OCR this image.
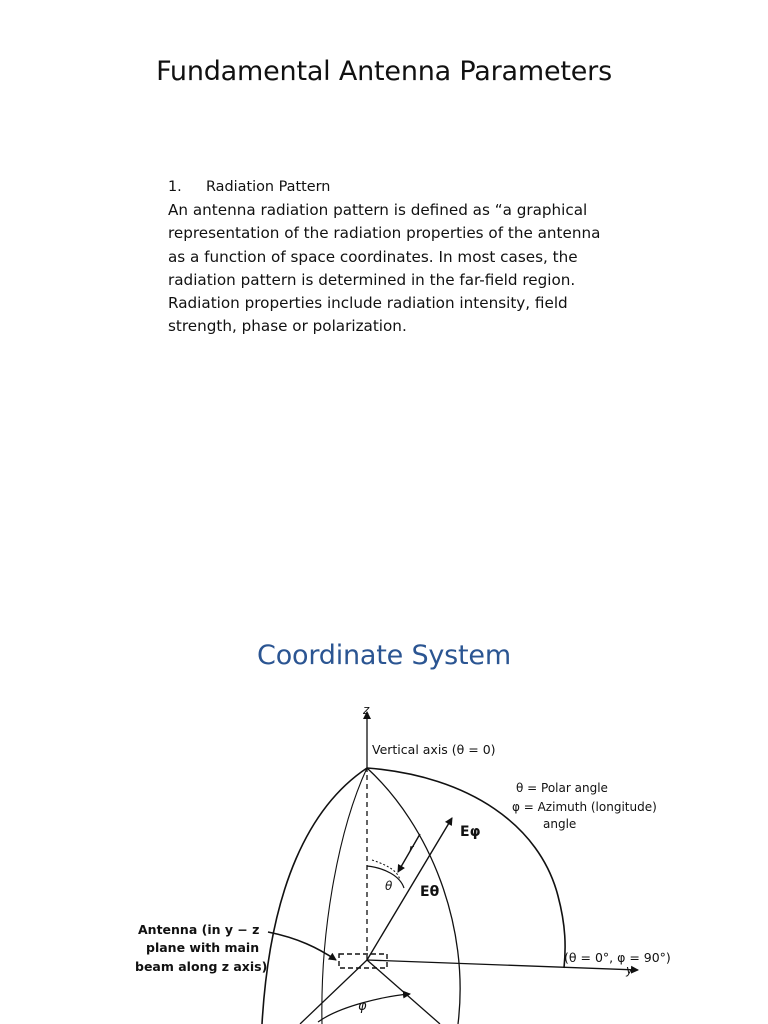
Fundamental Antenna Parameters
1.	Radiation Pattern
An antenna radiation pattern is defined as “a graphical
representation of the radiation properties of the antenna
as a function of space coordinates. In most cases, the
radiation pattern is determined in the far-field region.
Radiation properties include radiation intensity, field
strength, phase or polarization.
Coordinate System
z
Vertical axis (θ = 0)
θ = Polar angle
φ = Azimuth (longitude)
angle
Eφ
r
θ Eθ
Antenna (in y − z
plane with main
beam along z axis)
(θ = 0°, φ = 90°)
y
φ
